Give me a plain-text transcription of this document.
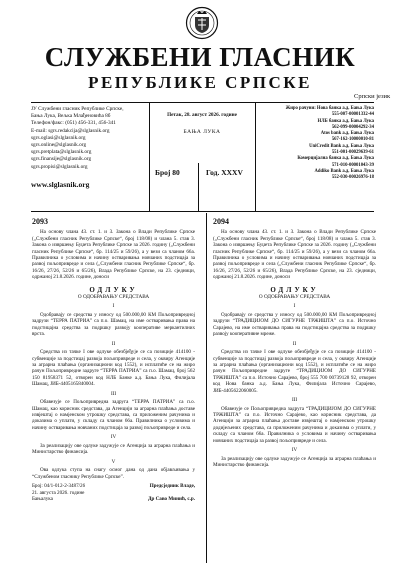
СЛУЖБЕНИ ГЛАСНИК
РЕПУБЛИКЕ СРПСКЕ
Српски језик
ЈУ Службени гласник Републике Српске,
Бања Лука, Вељка Млађеновића 8б
Телефон/факс: (051) 456-331, 456-341
E-mail: sgrs.redakcija@slglasnik.org
sgrs.oglasi@slglasnik.org
sgrs.online@slglasnik.org
sgrs.pretplata@slglasnik.org
sgrs.finansije@slglasnik.org
sgrs.propisi@slglasnik.org
www.slglasnik.org
Петак, 28. август 2026. године
БАЊА ЛУКА
Број 80	Год. XXXV
Жиро рачуни: Нова банка а.д. Бања Лука
555-007-00001332-44
НЛБ банка а.д. Бања Лука
562-099-00004292-34
Atos bank а.д. Бања Лука
567-162-10000010-81
UniCredit Bank а.д. Бања Лука
551-001-00029639-61
Комерцијална банка а.д. Бања Лука
571-010-00001043-39
Addiko Bank а.д. Бања Лука
552-030-00026976-18
2093

На основу члана 43. ст. 1. и 3. Закона о Влади Републике Српске („Службени гласник Републике Српске“, број 118/08) и члана 5. став 3. Закона о извршењу Буџета Републике Српске за 2026. годину („Службени гласник Републике Српске“, бр. 114/25 и 59/26), а у вези са чланом 66а. Правилника о условима и начину остваривања новчаних подстицаја за развој пољопривреде и села („Службени гласник Републике Српске“, бр. 16/26, 27/26, 52/26 и 65/26), Влада Републике Српске, на 23. сједници, одржаној 21.8.2026. године, доноси

ОДЛУКУ
О ОДОБРАВАЊУ СРЕДСТАВА
I

Одобравају се средства у износу од 500.000,00 КМ Пољопривредној задрузи “ТЕРРА ПАТРИА” са п.о. Шамац, на име остваривања права на подстицајна средства за подршку развоју кооперативе меркантилних врста.

II

Средства из тачке I ове одлуке обезбјеђује се са позиције 414100 - субвенције за подстицај развоја пољопривреде и села, у оквиру Агенције за аграрна плаћања (организациони код 1552), и исплатиће се на жиро рачун Пољопривредне задруге “ТЕРРА ПАТРИА” са п.о. Шамац, број 562 150 81958371 52, отворен код НЛБ Банке а.д. Бања Лука, Филијала Шамац, ЈИБ-4405165840004.

III

Обавезује се Пољопривредна задруга “ТЕРРА ПАТРИА” са п.о. Шамац, као корисник средстава, да Агенцији за аграрна плаћања доставе извјештај о намјенском утрошку средстава, са приложеним рачунима и доказима о уплати, у складу са чланом 66а. Правилника о условима и начину остваривања новчаних подстицаја за развој пољопривреде и села.

IV

За реализацију ове одлуке задужује се Агенција за аграрна плаћања и Министарство финансија.

V

Ова одлука ступа на снагу осмог дана од дана објављивања у “Службеном гласнику Републике Српске”.

Број: 04/1-012-2-3487/26
21. августа 2026. године
Бањалука
Предсједник Владе,

Др Саво Минић, с.р.
2094

На основу члана 43. ст. 1. и 3. Закона о Влади Републике Српске („Службени гласник Републике Српске“, број 118/08) и члана 5. став 3. Закона о извршењу Буџета Републике Српске за 2026. годину („Службени гласник Републике Српске“, бр. 114/25 и 59/26), а у вези са чланом 66а. Правилника о условима и начину остваривања новчаних подстицаја за развој пољопривреде и села („Службени гласник Републике Српске“, бр. 16/26, 27/26, 52/26 и 65/26), Влада Републике Српске, на 23. сједници, одржаној 21.8.2026. године, доноси

ОДЛУКУ
О ОДОБРАВАЊУ СРЕДСТАВА
I

Одобравају се средства у износу од 500.000,00 КМ Пољопривредној задрузи “ТРАДИЦИЈОМ ДО СИГУРНЕ ТРЖИШТА” са п.о. Источно Сарајево, на име остваривања права на подстицајна средства за подршку развоју кооперативне мреже.

II

Средства из тачке I ове одлуке обезбјеђује се са позиције 414100 - субвенције за подстицај развоја пољопривреде и села, у оквиру Агенције за аграрна плаћања (организациони код 1552), и исплатиће се на жиро рачун Пољопривредне задруге “ТРАДИЦИЈОМ ДО СИГУРНЕ ТРЖИШТА” са п.о. Источно Сарајево, број 555 700 00739128 92, отворен код Нова банка а.д. Бања Лука, Филијала Источно Сарајево, ЈИБ-4405622060005.

III

Обавезује се Пољопривредна задруга “ТРАДИЦИЈОМ ДО СИГУРНЕ ТРЖИШТА” са п.о. Источно Сарајево, као корисник средстава, да Агенцији за аграрна плаћања доставе извјештај о намјенском утрошку додијељених средстава, са приложеним рачунима и доказима о уплати, у складу са чланом 66а. Правилника о условима и начину остваривања новчаних подстицаја за развој пољопривреде и села.

IV

За реализацију ове одлуке задужује се Агенција за аграрна плаћања и Министарство финансија.
